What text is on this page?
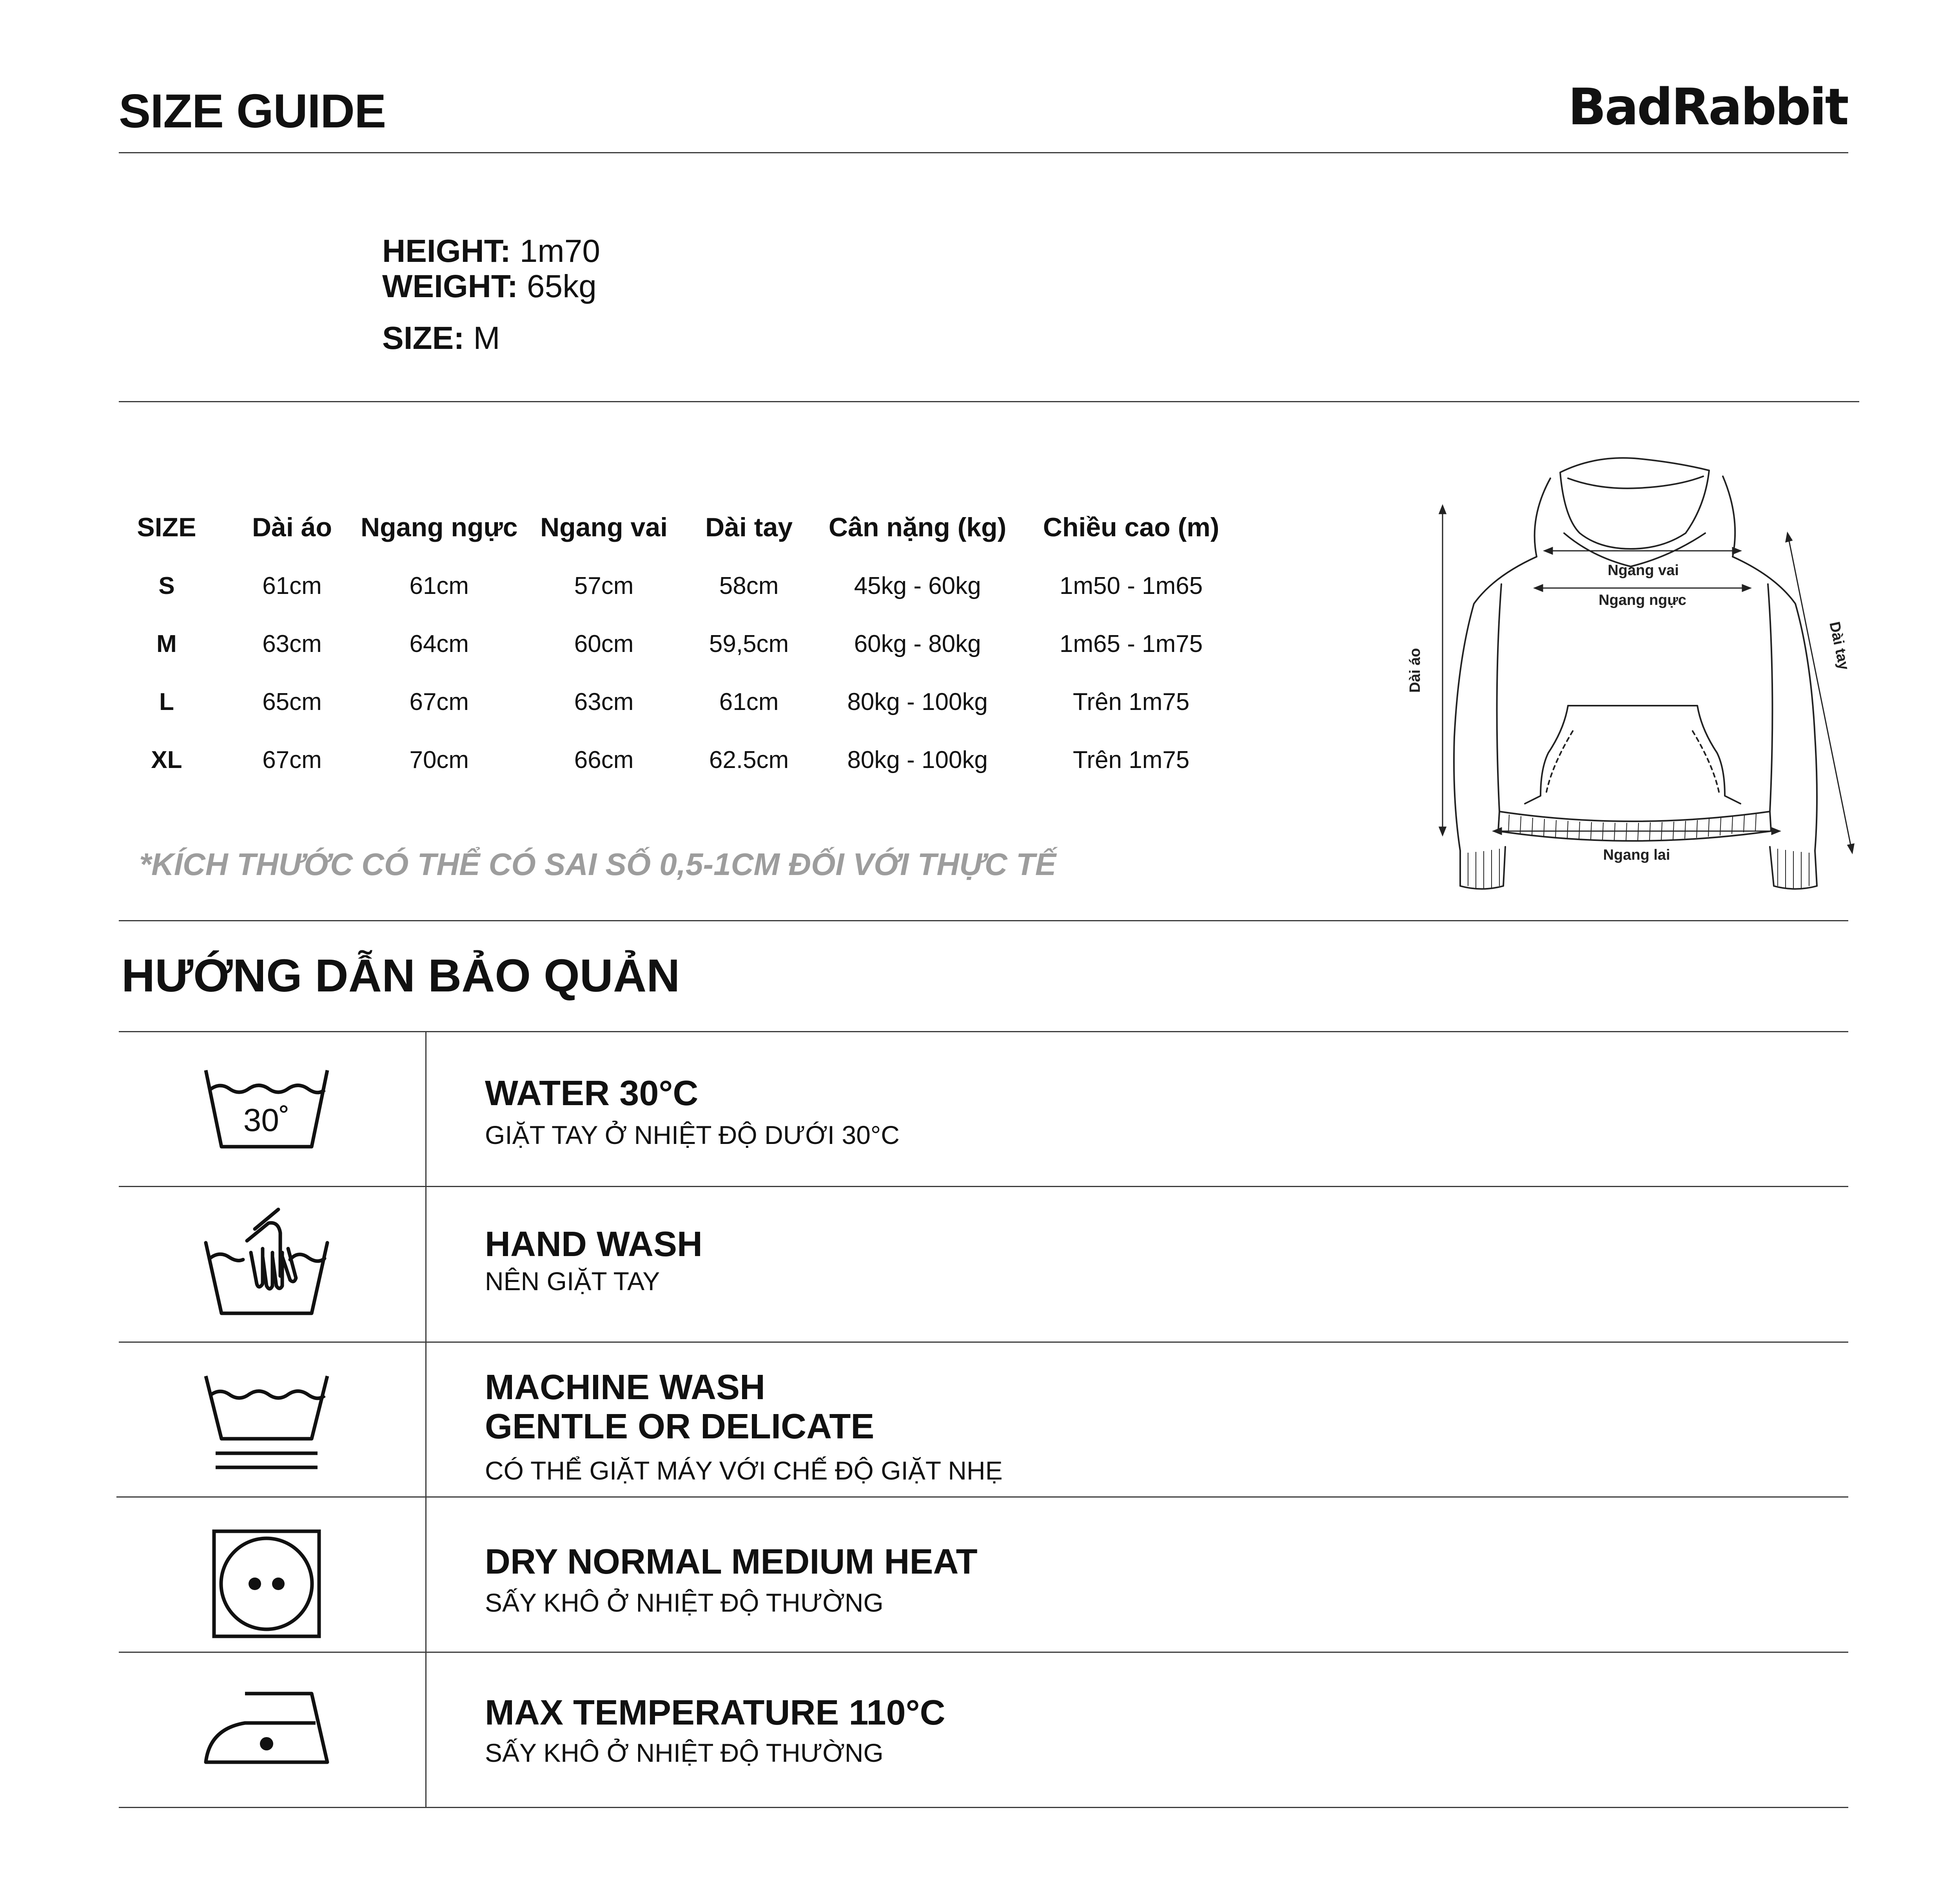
SIZE GUIDE	BadRabbit
HEIGHT: 1m70
WEIGHT: 65kg
SIZE: M
SIZE	Dài áo	Ngang ngực	Ngang vai	Dài tay	Cân nặng (kg)	Chiều cao (m)
S	61cm	61cm	57cm	58cm	45kg - 60kg	1m50 - 1m65
M	63cm	64cm	60cm	59,5cm	60kg - 80kg	1m65 - 1m75
L	65cm	67cm	63cm	61cm	80kg - 100kg	Trên 1m75
XL	67cm	70cm	66cm	62.5cm	80kg - 100kg	Trên 1m75
*KÍCH THƯỚC CÓ THỂ CÓ SAI SỐ 0,5-1CM ĐỐI VỚI THỰC TẾ
Ngang vai
Ngang ngực
Ngang lai
Dài áo	Dài tay
HƯỚNG DẪN BẢO QUẢN
30˚
WATER 30°C
GIẶT TAY Ở NHIỆT ĐỘ DƯỚI 30°C
HAND WASH
NÊN GIẶT TAY
MACHINE WASH
GENTLE OR DELICATE
CÓ THỂ GIẶT MÁY VỚI CHẾ ĐỘ GIẶT NHẸ
DRY NORMAL MEDIUM HEAT
SẤY KHÔ Ở NHIỆT ĐỘ THƯỜNG
MAX TEMPERATURE 110°C
SẤY KHÔ Ở NHIỆT ĐỘ THƯỜNG
